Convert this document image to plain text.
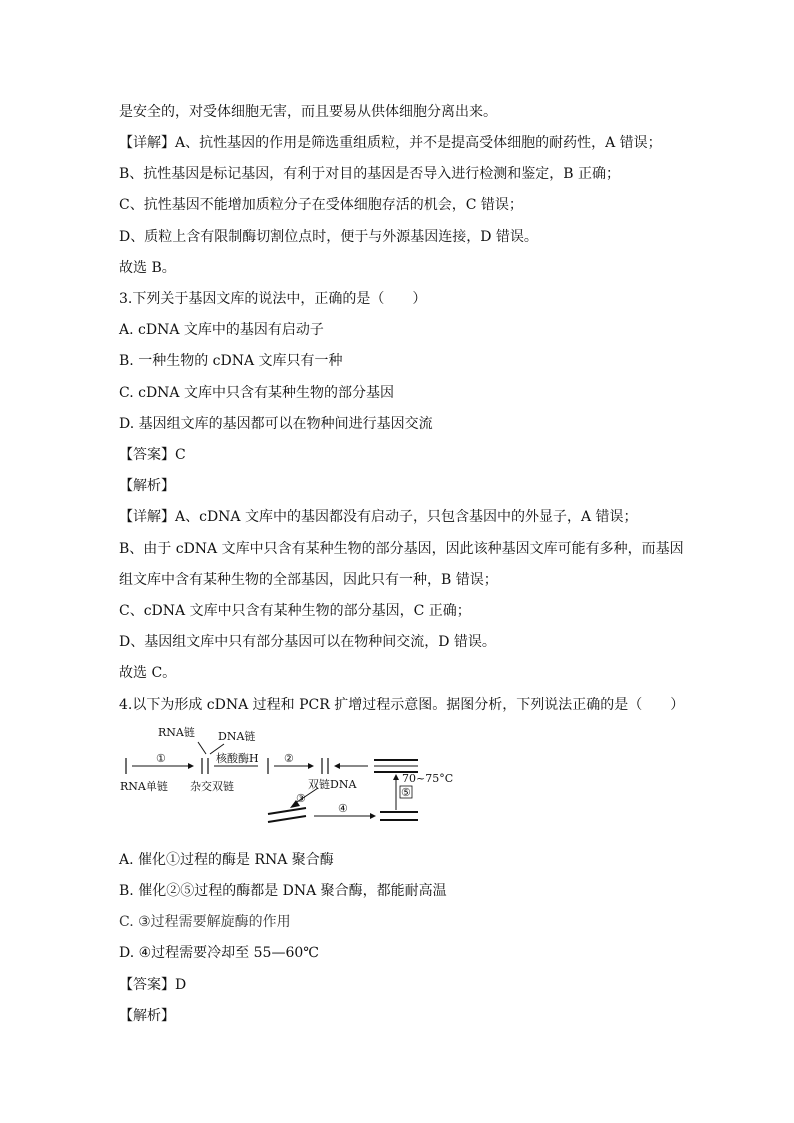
是安全的，对受体细胞无害，而且要易从供体细胞分离出来。
【详解】A、抗性基因的作用是筛选重组质粒，并不是提高受体细胞的耐药性，A 错误；
B、抗性基因是标记基因，有利于对目的基因是否导入进行检测和鉴定，B 正确；
C、抗性基因不能增加质粒分子在受体细胞存活的机会，C 错误；
D、质粒上含有限制酶切割位点时，便于与外源基因连接，D 错误。
故选 B。
3.下列关于基因文库的说法中，正确的是（　　）
A. cDNA 文库中的基因有启动子
B. 一种生物的 cDNA 文库只有一种
C. cDNA 文库中只含有某种生物的部分基因
D. 基因组文库的基因都可以在物种间进行基因交流
【答案】C
【解析】
【详解】A、cDNA 文库中的基因都没有启动子，只包含基因中的外显子，A 错误；
B、由于 cDNA 文库中只含有某种生物的部分基因，因此该种基因文库可能有多种，而基因
组文库中含有某种生物的全部基因，因此只有一种，B 错误；
C、cDNA 文库中只含有某种生物的部分基因，C 正确；
D、基因组文库中只有部分基因可以在物种间交流，D 错误。
故选 C。
4.以下为形成 cDNA 过程和 PCR 扩增过程示意图。据图分析，下列说法正确的是（　　）
RNA链 DNA链
RNA单链
①
杂交双链
核酸酶H ②
双链DNA
⑤
70~75°C
③
④
A. 催化①过程的酶是 RNA 聚合酶
B. 催化②⑤过程的酶都是 DNA 聚合酶，都能耐高温
C. ③过程需要解旋酶的作用
D. ④过程需要冷却至 55—60℃
【答案】D
【解析】
